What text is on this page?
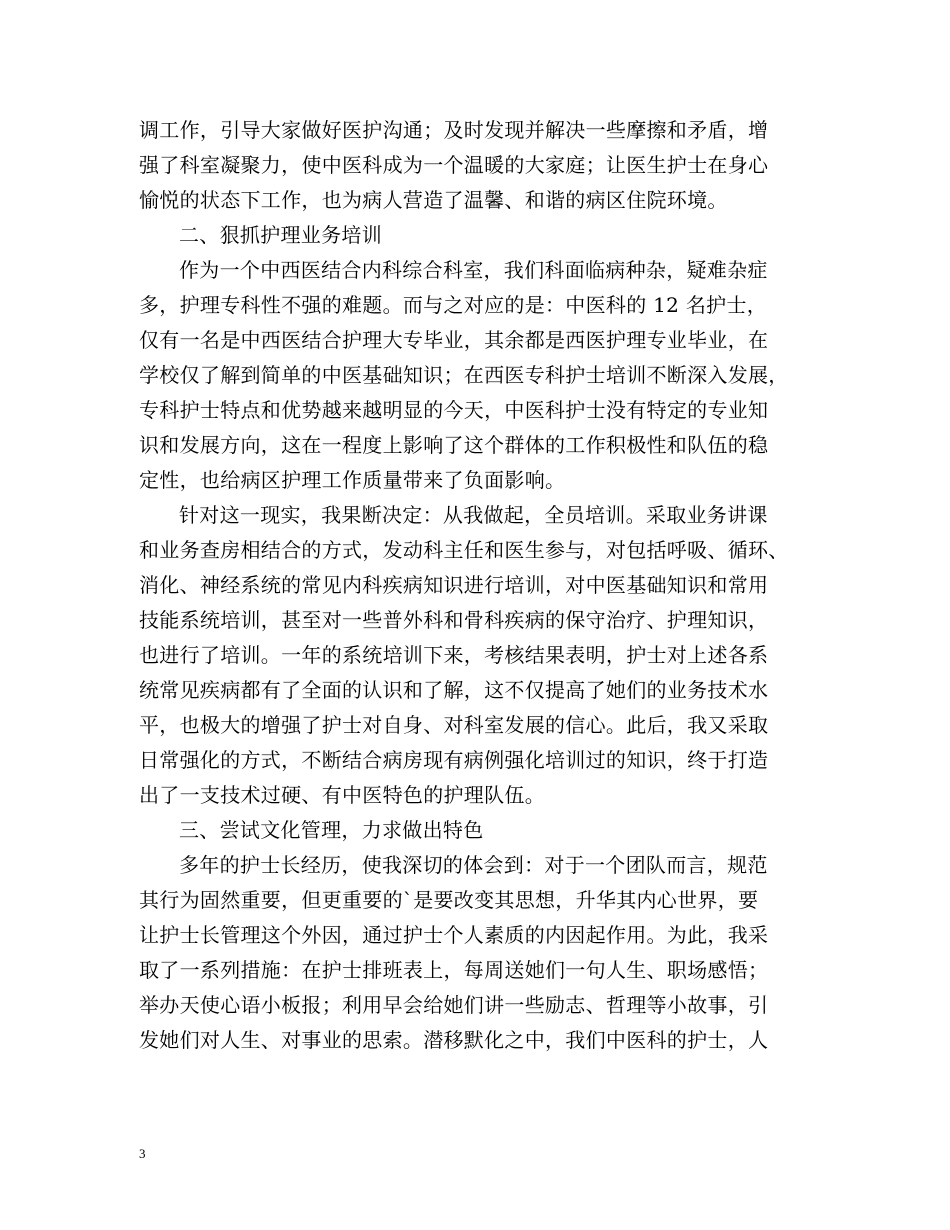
调工作，引导大家做好医护沟通；及时发现并解决一些摩擦和矛盾，增
强了科室凝聚力，使中医科成为一个温暖的大家庭；让医生护士在身心
愉悦的状态下工作，也为病人营造了温馨、和谐的病区住院环境。
二、狠抓护理业务培训
作为一个中西医结合内科综合科室，我们科面临病种杂，疑难杂症
多，护理专科性不强的难题。而与之对应的是：中医科的 12 名护士，
仅有一名是中西医结合护理大专毕业，其余都是西医护理专业毕业，在
学校仅了解到简单的中医基础知识；在西医专科护士培训不断深入发展，
专科护士特点和优势越来越明显的今天，中医科护士没有特定的专业知
识和发展方向，这在一程度上影响了这个群体的工作积极性和队伍的稳
定性，也给病区护理工作质量带来了负面影响。
针对这一现实，我果断决定：从我做起，全员培训。采取业务讲课
和业务查房相结合的方式，发动科主任和医生参与，对包括呼吸、循环、
消化、神经系统的常见内科疾病知识进行培训，对中医基础知识和常用
技能系统培训，甚至对一些普外科和骨科疾病的保守治疗、护理知识，
也进行了培训。一年的系统培训下来，考核结果表明，护士对上述各系
统常见疾病都有了全面的认识和了解，这不仅提高了她们的业务技术水
平，也极大的增强了护士对自身、对科室发展的信心。此后，我又采取
日常强化的方式，不断结合病房现有病例强化培训过的知识，终于打造
出了一支技术过硬、有中医特色的护理队伍。
三、尝试文化管理，力求做出特色
多年的护士长经历，使我深切的体会到：对于一个团队而言，规范
其行为固然重要，但更重要的`是要改变其思想，升华其内心世界，要
让护士长管理这个外因，通过护士个人素质的内因起作用。为此，我采
取了一系列措施：在护士排班表上，每周送她们一句人生、职场感悟；
举办天使心语小板报；利用早会给她们讲一些励志、哲理等小故事，引
发她们对人生、对事业的思索。潜移默化之中，我们中医科的护士，人
3
